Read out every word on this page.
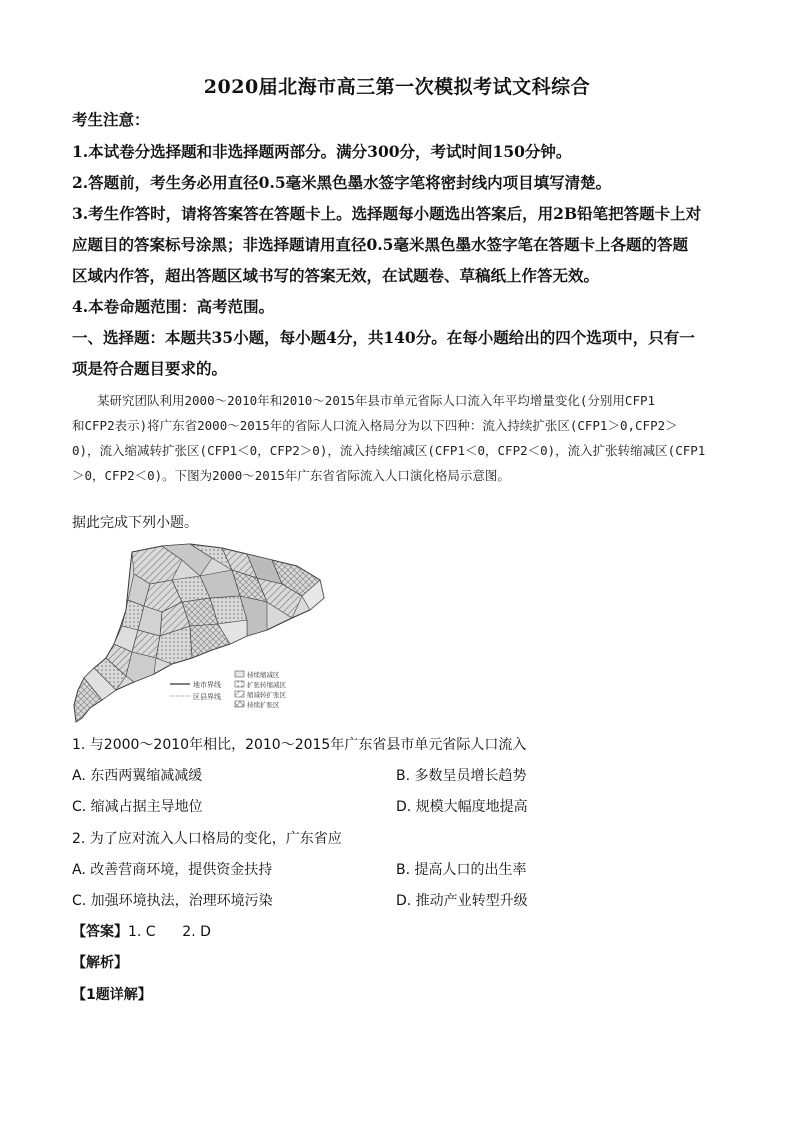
2020届北海市高三第一次模拟考试文科综合
考生注意：

1.本试卷分选择题和非选择题两部分。满分300分，考试时间150分钟。

2.答题前，考生务必用直径0.5毫米黑色墨水签字笔将密封线内项目填写清楚。

3.考生作答时，请将答案答在答题卡上。选择题每小题选出答案后，用2B铅笔把答题卡上对

应题目的答案标号涂黑；非选择题请用直径0.5毫米黑色墨水签字笔在答题卡上各题的答题

区域内作答，超出答题区域书写的答案无效，在试题卷、草稿纸上作答无效。

4.本卷命题范围：高考范围。

一、选择题：本题共35小题，每小题4分，共140分。在每小题给出的四个选项中，只有一

项是符合题目要求的。

某研究团队利用2000～2010年和2010～2015年县市单元省际人口流入年平均增量变化(分别用CFP1

和CFP2表示)将广东省2000～2015年的省际人口流入格局分为以下四种：流入持续扩张区(CFP1＞0,CFP2＞

0)，流入缩减转扩张区(CFP1＜0，CFP2＞0)，流入持续缩减区(CFP1＜0，CFP2＜0)，流入扩张转缩减区(CFP1

＞0，CFP2＜0)。下图为2000～2015年广东省省际流入人口演化格局示意图。

据此完成下列小题。
地市界线
区县界线
持续缩减区
扩张转缩减区
缩减转扩张区
持续扩张区
1. 与2000～2010年相比，2010～2015年广东省县市单元省际人口流入
A. 东西两翼缩减减缓	B. 多数呈员增长趋势
C. 缩减占据主导地位	D. 规模大幅度地提高
2. 为了应对流入人口格局的变化，广东省应
A. 改善营商环境，提供资金扶持	B. 提高人口的出生率
C. 加强环境执法，治理环境污染	D. 推动产业转型升级
【答案】1. C      2. D
【解析】
【1题详解】
